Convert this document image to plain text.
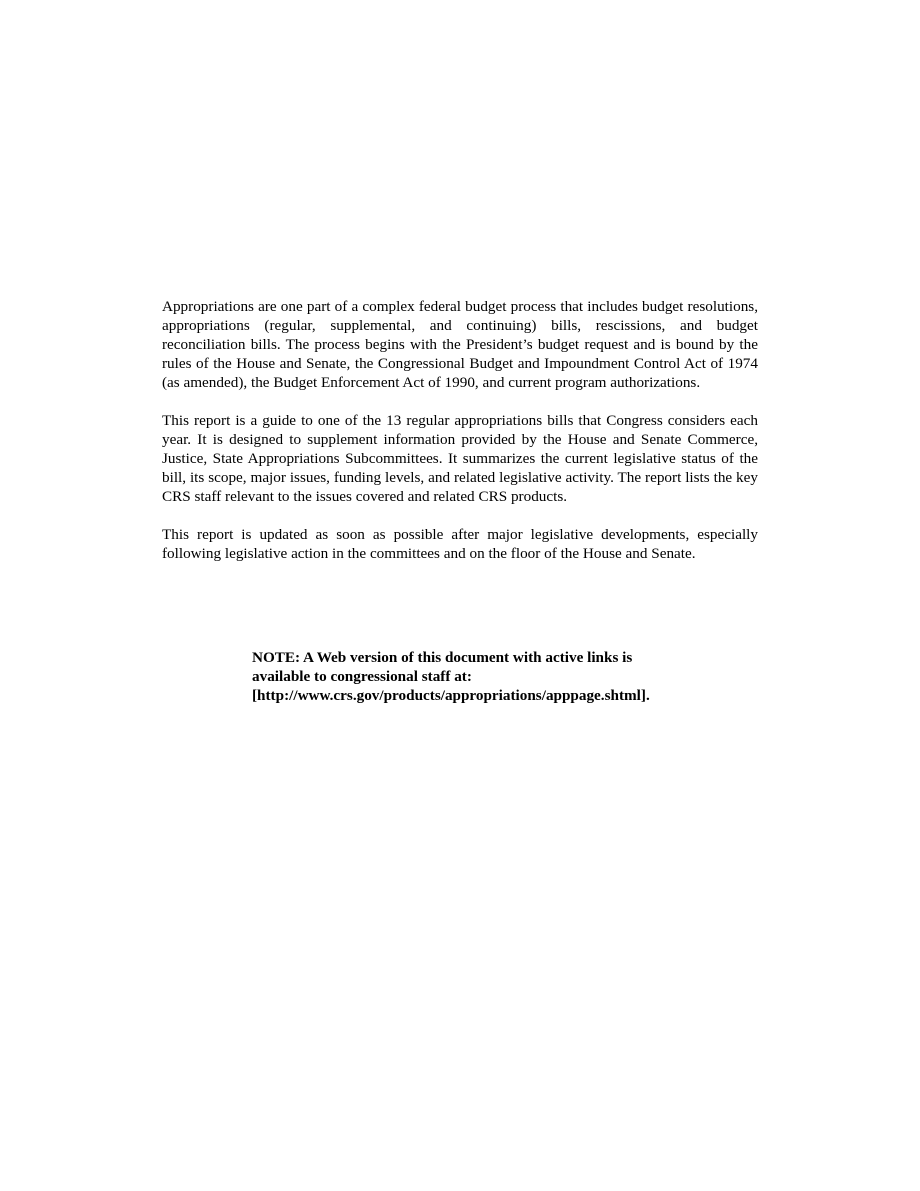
Appropriations are one part of a complex federal budget process that includes budget resolutions, appropriations (regular, supplemental, and continuing) bills, rescissions, and budget reconciliation bills. The process begins with the President’s budget request and is bound by the rules of the House and Senate, the Congressional Budget and Impoundment Control Act of 1974 (as amended), the Budget Enforcement Act of 1990, and current program authorizations.

This report is a guide to one of the 13 regular appropriations bills that Congress considers each year. It is designed to supplement information provided by the House and Senate Commerce, Justice, State Appropriations Subcommittees. It summarizes the current legislative status of the bill, its scope, major issues, funding levels, and related legislative activity. The report lists the key CRS staff relevant to the issues covered and related CRS products.

This report is updated as soon as possible after major legislative developments, especially following legislative action in the committees and on the floor of the House and Senate.

NOTE: A Web version of this document with active links is
available to congressional staff at:
[http://www.crs.gov/products/appropriations/apppage.shtml].
